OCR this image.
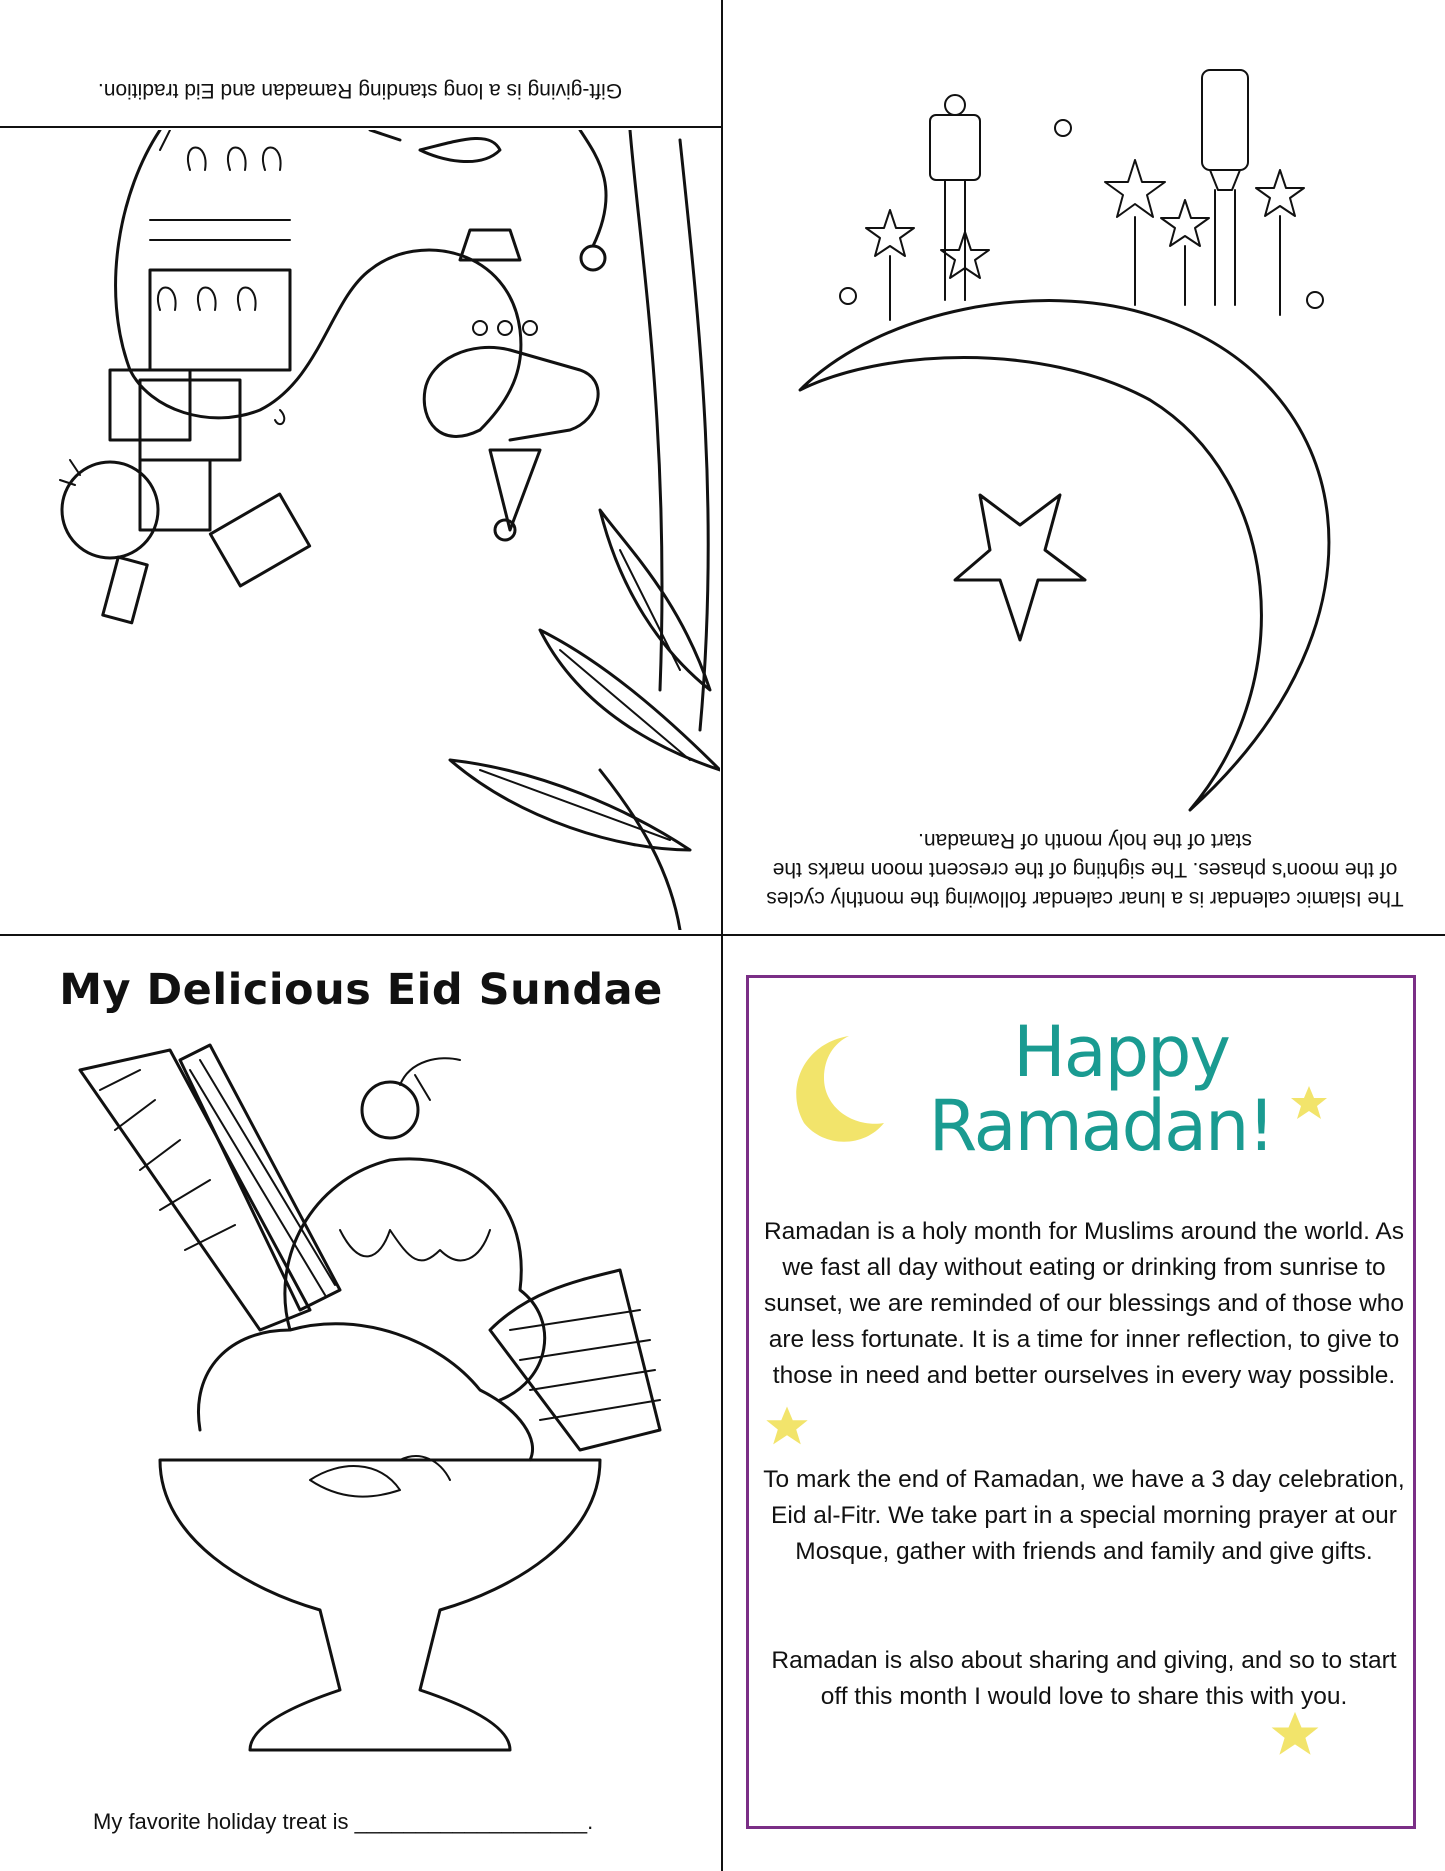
Gift-giving is a long standing Ramadan and Eid tradition.
The Islamic calendar is a lunar calendar following the monthly cycles of the moon's phases. The sighting of the crescent moon marks the start of the holy month of Ramadan.
My Delicious Eid Sundae
My favorite holiday treat is ___________________.
Happy
Ramadan!
Ramadan is a holy month for Muslims around the world. As we fast all day without eating or drinking from sunrise to sunset, we are reminded of our blessings and of those who are less fortunate. It is a time for inner reflection, to give to those in need and better ourselves in every way possible.
To mark the end of Ramadan, we have a 3 day celebration, Eid al-Fitr. We take part in a special morning prayer at our Mosque, gather with friends and family and give gifts.
Ramadan is also about sharing and giving, and so to start off this month I would love to share this with you.
